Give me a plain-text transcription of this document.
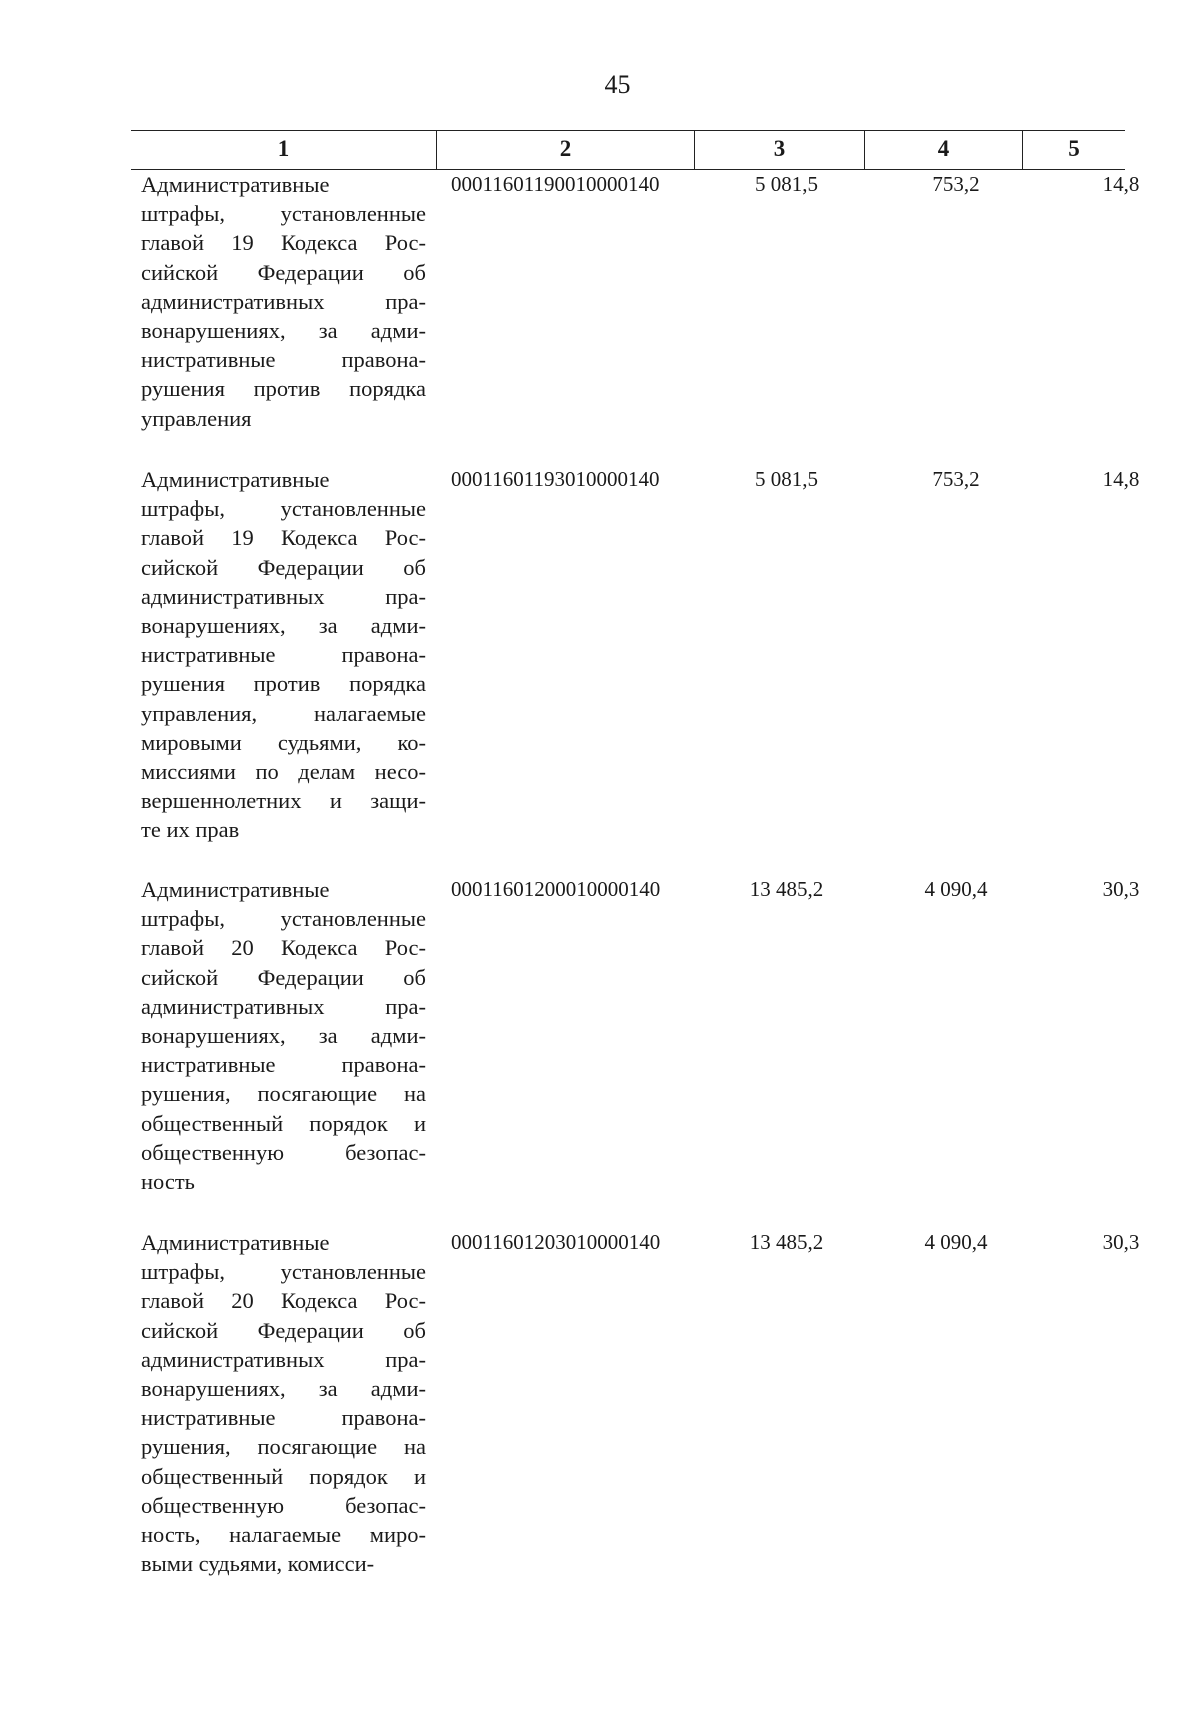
45
1	2	3	4	5
Административные
штрафы, установленные
главой 19 Кодекса Рос-
сийской Федерации об
административных пра-
вонарушениях, за адми-
нистративные правона-
рушения против порядка
управления
00011601190010000140	5 081,5	753,2	14,8
Административные
штрафы, установленные
главой 19 Кодекса Рос-
сийской Федерации об
административных пра-
вонарушениях, за адми-
нистративные правона-
рушения против порядка
управления, налагаемые
мировыми судьями, ко-
миссиями по делам несо-
вершеннолетних и защи-
те их прав
00011601193010000140	5 081,5	753,2	14,8
Административные
штрафы, установленные
главой 20 Кодекса Рос-
сийской Федерации об
административных пра-
вонарушениях, за адми-
нистративные правона-
рушения, посягающие на
общественный порядок и
общественную безопас-
ность
00011601200010000140	13 485,2	4 090,4	30,3
Административные
штрафы, установленные
главой 20 Кодекса Рос-
сийской Федерации об
административных пра-
вонарушениях, за адми-
нистративные правона-
рушения, посягающие на
общественный порядок и
общественную безопас-
ность, налагаемые миро-
выми судьями, комисси-
00011601203010000140	13 485,2	4 090,4	30,3
